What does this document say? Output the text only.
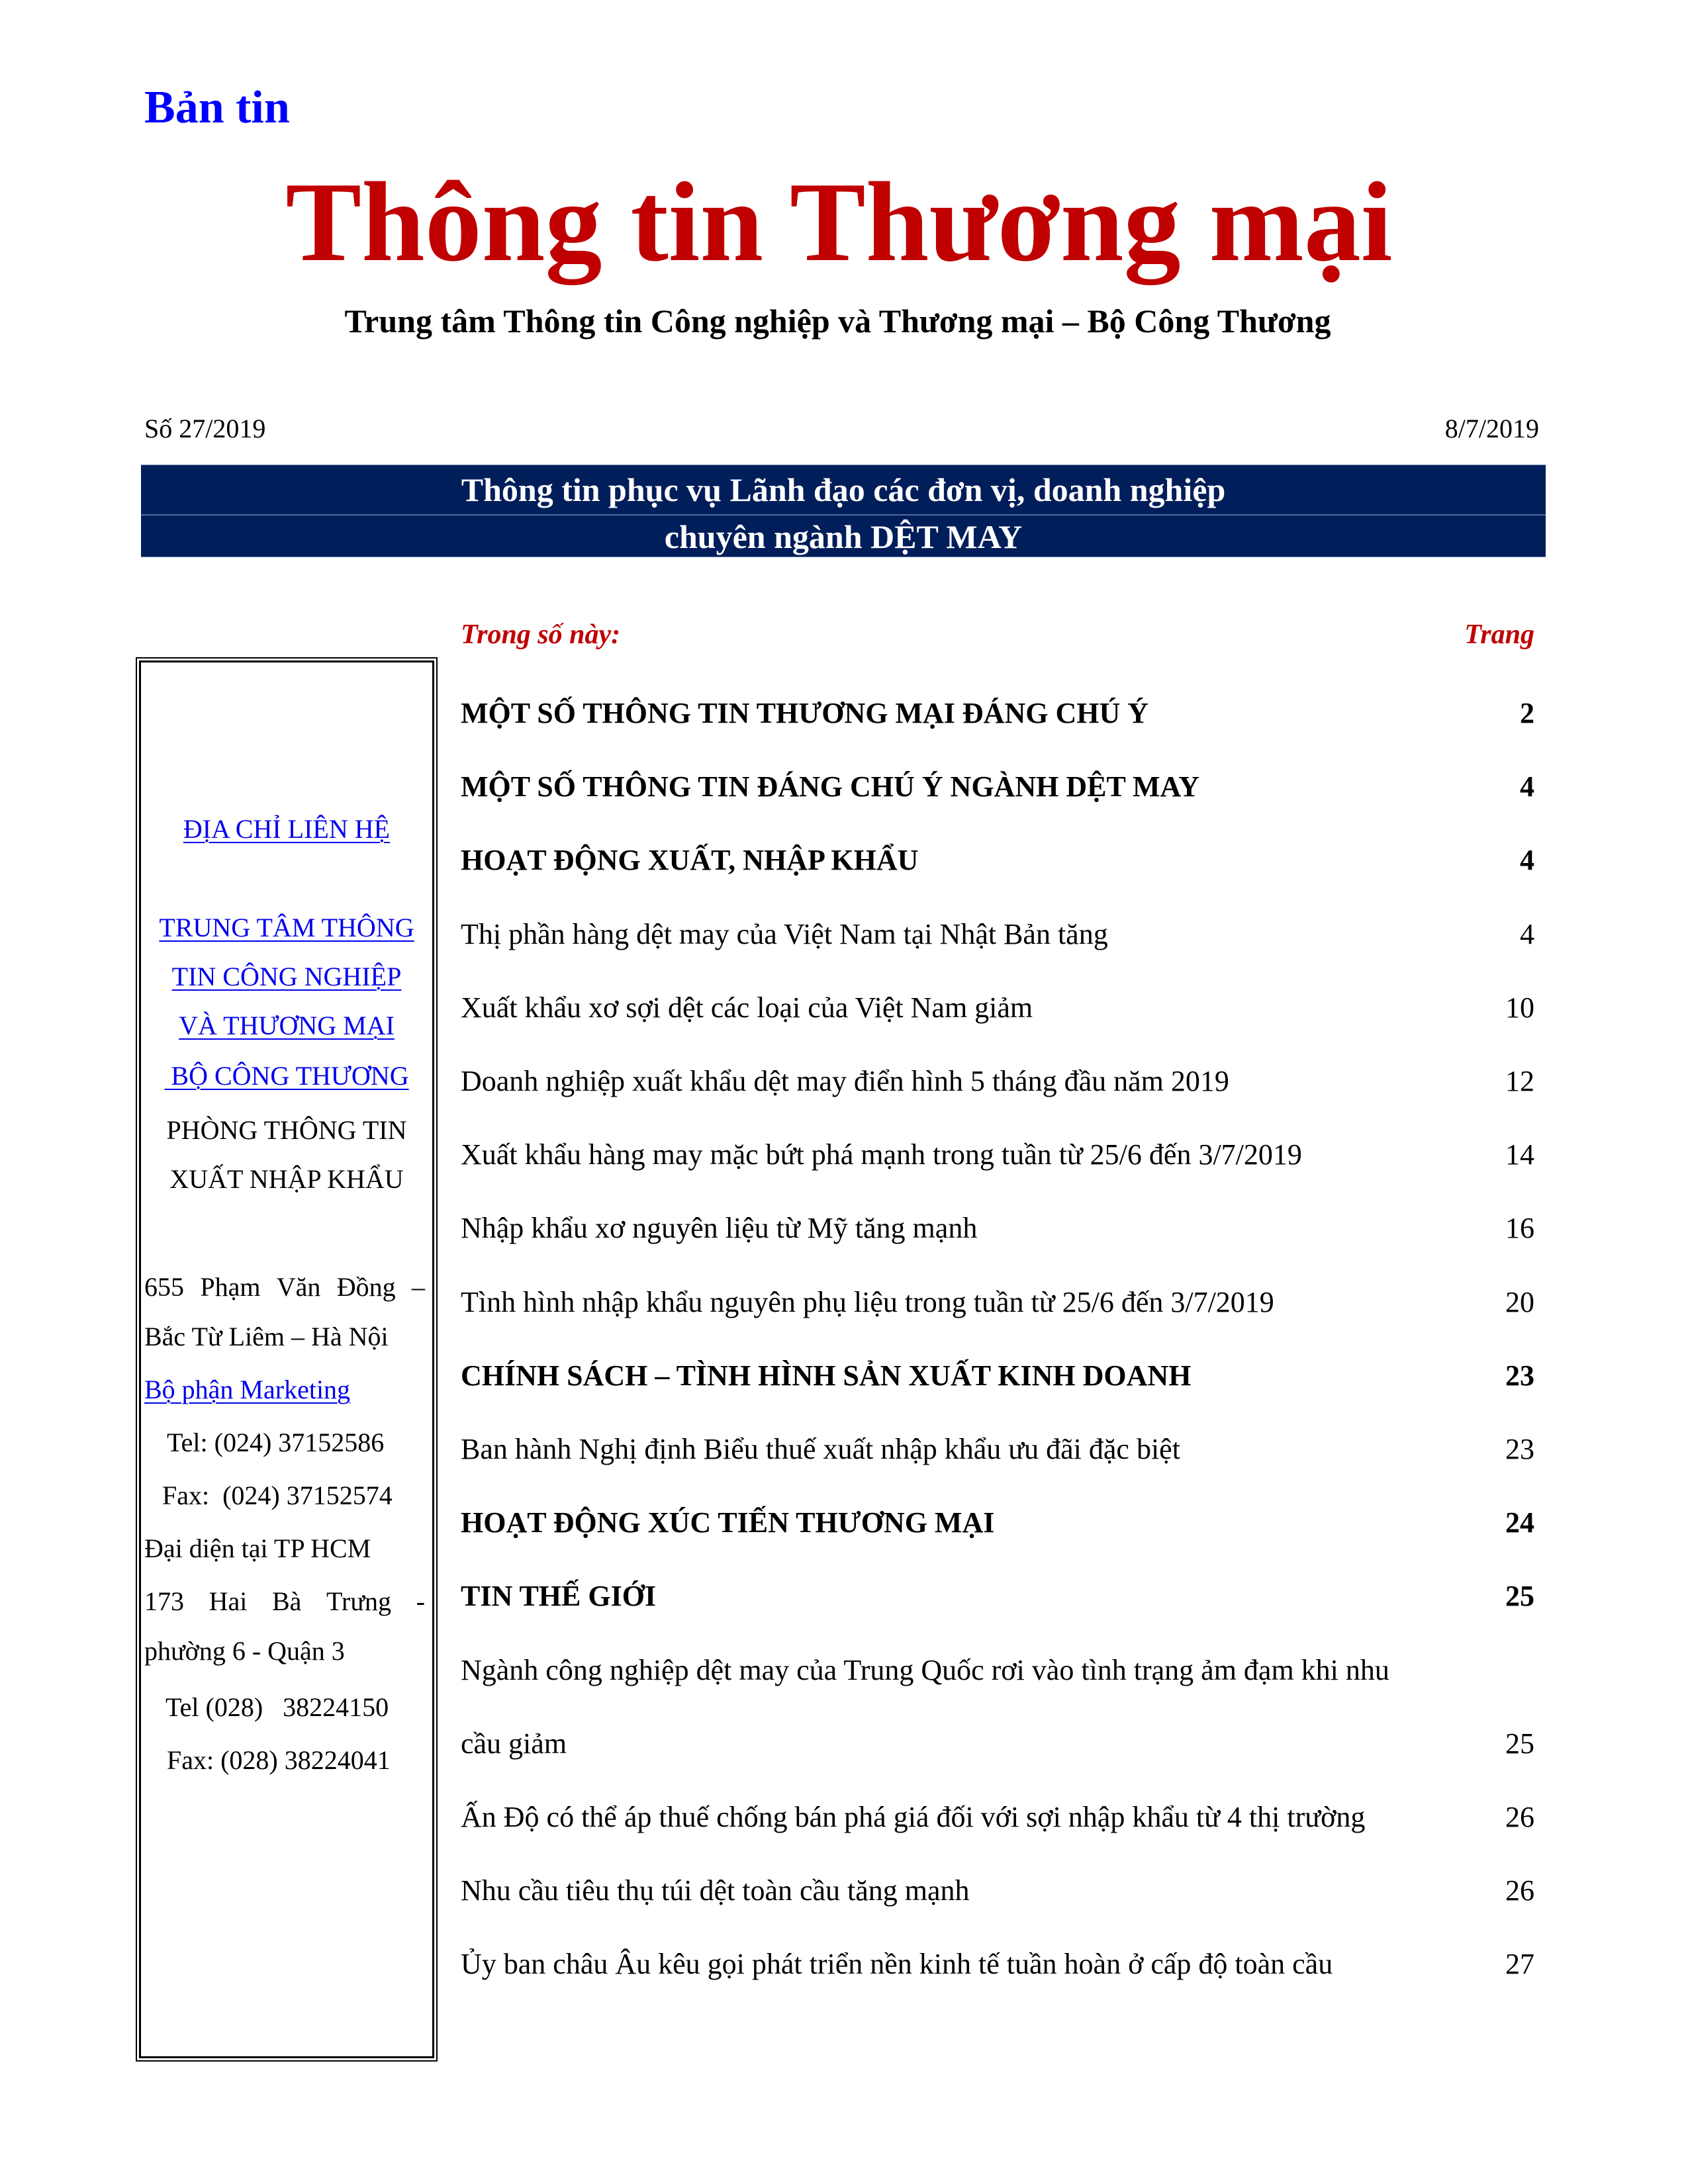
Bản tin
Thông tin Thương mại
Trung tâm Thông tin Công nghiệp và Thương mại – Bộ Công Thương
Số 27/2019	8/7/2019
Thông tin phục vụ Lãnh đạo các đơn vị, doanh nghiệp
chuyên ngành DỆT MAY
ĐỊA CHỈ LIÊN HỆ
TRUNG TÂM THÔNG
TIN CÔNG NGHIỆP
VÀ THƯƠNG MẠI
BỘ CÔNG THƯƠNG
PHÒNG THÔNG TIN
XUẤT NHẬP KHẨU
655 Phạm Văn Đồng –
Bắc Từ Liêm – Hà Nội
Bộ phận Marketing
Tel: (024) 37152586
Fax:  (024) 37152574
Đại diện tại TP HCM
173 Hai Bà Trưng -
phường 6 - Quận 3
Tel (028)   38224150
Fax: (028) 38224041
Trong số này:	Trang
MỘT SỐ THÔNG TIN THƯƠNG MẠI ĐÁNG CHÚ Ý	2
MỘT SỐ THÔNG TIN ĐÁNG CHÚ Ý NGÀNH DỆT MAY	4
HOẠT ĐỘNG XUẤT, NHẬP KHẨU	4
Thị phần hàng dệt may của Việt Nam tại Nhật Bản tăng	4
Xuất khẩu xơ sợi dệt các loại của Việt Nam giảm	10
Doanh nghiệp xuất khẩu dệt may điển hình 5 tháng đầu năm 2019	12
Xuất khẩu hàng may mặc bứt phá mạnh trong tuần từ 25/6 đến 3/7/2019	14
Nhập khẩu xơ nguyên liệu từ Mỹ tăng mạnh	16
Tình hình nhập khẩu nguyên phụ liệu trong tuần từ 25/6 đến 3/7/2019	20
CHÍNH SÁCH – TÌNH HÌNH SẢN XUẤT KINH DOANH	23
Ban hành Nghị định Biểu thuế xuất nhập khẩu ưu đãi đặc biệt	23
HOẠT ĐỘNG XÚC TIẾN THƯƠNG MẠI	24
TIN THẾ GIỚI	25
Ngành công nghiệp dệt may của Trung Quốc rơi vào tình trạng ảm đạm khi nhu
cầu giảm	25
Ấn Độ có thể áp thuế chống bán phá giá đối với sợi nhập khẩu từ 4 thị trường	26
Nhu cầu tiêu thụ túi dệt toàn cầu tăng mạnh	26
Ủy ban châu Âu kêu gọi phát triển nền kinh tế tuần hoàn ở cấp độ toàn cầu	27
